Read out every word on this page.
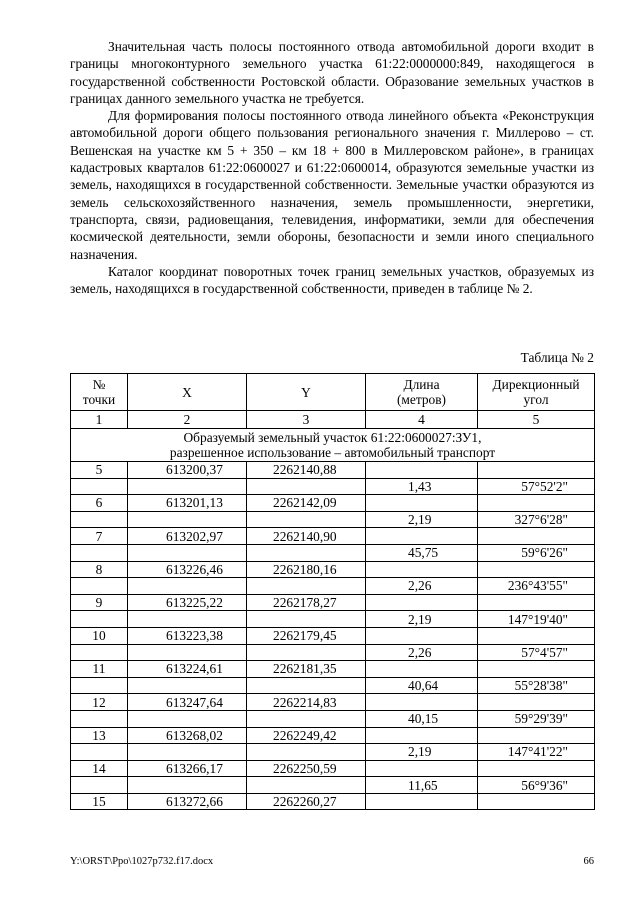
Значительная часть полосы постоянного отвода автомобильной дороги входит в границы многоконтурного земельного участка 61:22:0000000:849, находящегося в государственной собственности Ростовской области. Образование земельных участков в границах данного земельного участка не требуется.

Для формирования полосы постоянного отвода линейного объекта «Реконструкция автомобильной дороги общего пользования регионального значения г. Миллерово – ст. Вешенская на участке км 5 + 350 – км 18 + 800 в Миллеровском районе», в границах кадастровых кварталов 61:22:0600027 и 61:22:0600014, образуются земельные участки из земель, находящихся в государственной собственности. Земельные участки образуются из земель сельскохозяйственного назначения, земель промышленности, энергетики, транспорта, связи, радиовещания, телевидения, информатики, земли для обеспечения космической деятельности, земли обороны, безопасности и земли иного специального назначения.

Каталог координат поворотных точек границ земельных участков, образуемых из земель, находящихся в государственной собственности, приведен в таблице № 2.

Таблица № 2
№
точки	X	Y	Длина
(метров)	Дирекционный
угол
1	2	3	4	5
Образуемый земельный участок 61:22:0600027:ЗУ1,
разрешенное использование – автомобильный транспорт				
5	613200,37	2262140,88		
			1,43	57°52'2"
6	613201,13	2262142,09		
			2,19	327°6'28"
7	613202,97	2262140,90		
			45,75	59°6'26"
8	613226,46	2262180,16		
			2,26	236°43'55"
9	613225,22	2262178,27		
			2,19	147°19'40"
10	613223,38	2262179,45		
			2,26	57°4'57"
11	613224,61	2262181,35		
			40,64	55°28'38"
12	613247,64	2262214,83		
			40,15	59°29'39"
13	613268,02	2262249,42		
			2,19	147°41'22"
14	613266,17	2262250,59		
			11,65	56°9'36"
15	613272,66	2262260,27		
Y:\ORST\Ppo\1027p732.f17.docx	66
